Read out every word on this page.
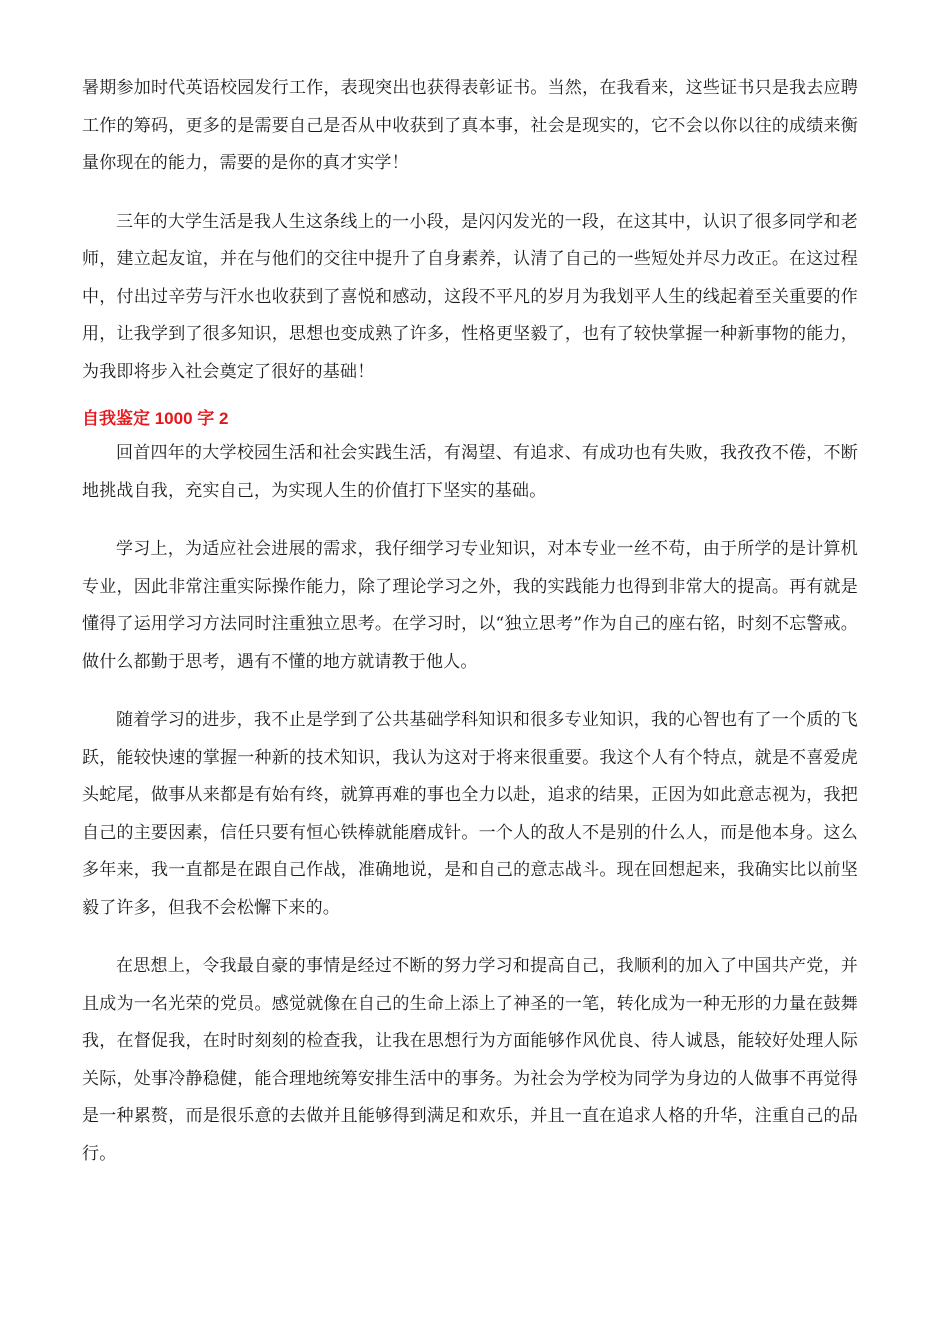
暑期参加时代英语校园发行工作，表现突出也获得表彰证书。当然，在我看来，这些证书只是我去应聘工作的筹码，更多的是需要自己是否从中收获到了真本事，社会是现实的，它不会以你以往的成绩来衡量你现在的能力，需要的是你的真才实学！

三年的大学生活是我人生这条线上的一小段，是闪闪发光的一段，在这其中，认识了很多同学和老师，建立起友谊，并在与他们的交往中提升了自身素养，认清了自己的一些短处并尽力改正。在这过程中，付出过辛劳与汗水也收获到了喜悦和感动，这段不平凡的岁月为我划平人生的线起着至关重要的作用，让我学到了很多知识，思想也变成熟了许多，性格更坚毅了，也有了较快掌握一种新事物的能力，为我即将步入社会奠定了很好的基础！

自我鉴定 1000 字 2

回首四年的大学校园生活和社会实践生活，有渴望、有追求、有成功也有失败，我孜孜不倦，不断地挑战自我，充实自己，为实现人生的价值打下坚实的基础。

学习上，为适应社会进展的需求，我仔细学习专业知识，对本专业一丝不苟，由于所学的是计算机专业，因此非常注重实际操作能力，除了理论学习之外，我的实践能力也得到非常大的提高。再有就是懂得了运用学习方法同时注重独立思考。在学习时，以“独立思考”作为自己的座右铭，时刻不忘警戒。做什么都勤于思考，遇有不懂的地方就请教于他人。

随着学习的进步，我不止是学到了公共基础学科知识和很多专业知识，我的心智也有了一个质的飞跃，能较快速的掌握一种新的技术知识，我认为这对于将来很重要。我这个人有个特点，就是不喜爱虎头蛇尾，做事从来都是有始有终，就算再难的事也全力以赴，追求的结果，正因为如此意志视为，我把自己的主要因素，信任只要有恒心铁棒就能磨成针。一个人的敌人不是别的什么人，而是他本身。这么多年来，我一直都是在跟自己作战，准确地说，是和自己的意志战斗。现在回想起来，我确实比以前坚毅了许多，但我不会松懈下来的。

在思想上，令我最自豪的事情是经过不断的努力学习和提高自己，我顺利的加入了中国共产党，并且成为一名光荣的党员。感觉就像在自己的生命上添上了神圣的一笔，转化成为一种无形的力量在鼓舞我，在督促我，在时时刻刻的检查我，让我在思想行为方面能够作风优良、待人诚恳，能较好处理人际关际，处事冷静稳健，能合理地统筹安排生活中的事务。为社会为学校为同学为身边的人做事不再觉得是一种累赘，而是很乐意的去做并且能够得到满足和欢乐，并且一直在追求人格的升华，注重自己的品行。
